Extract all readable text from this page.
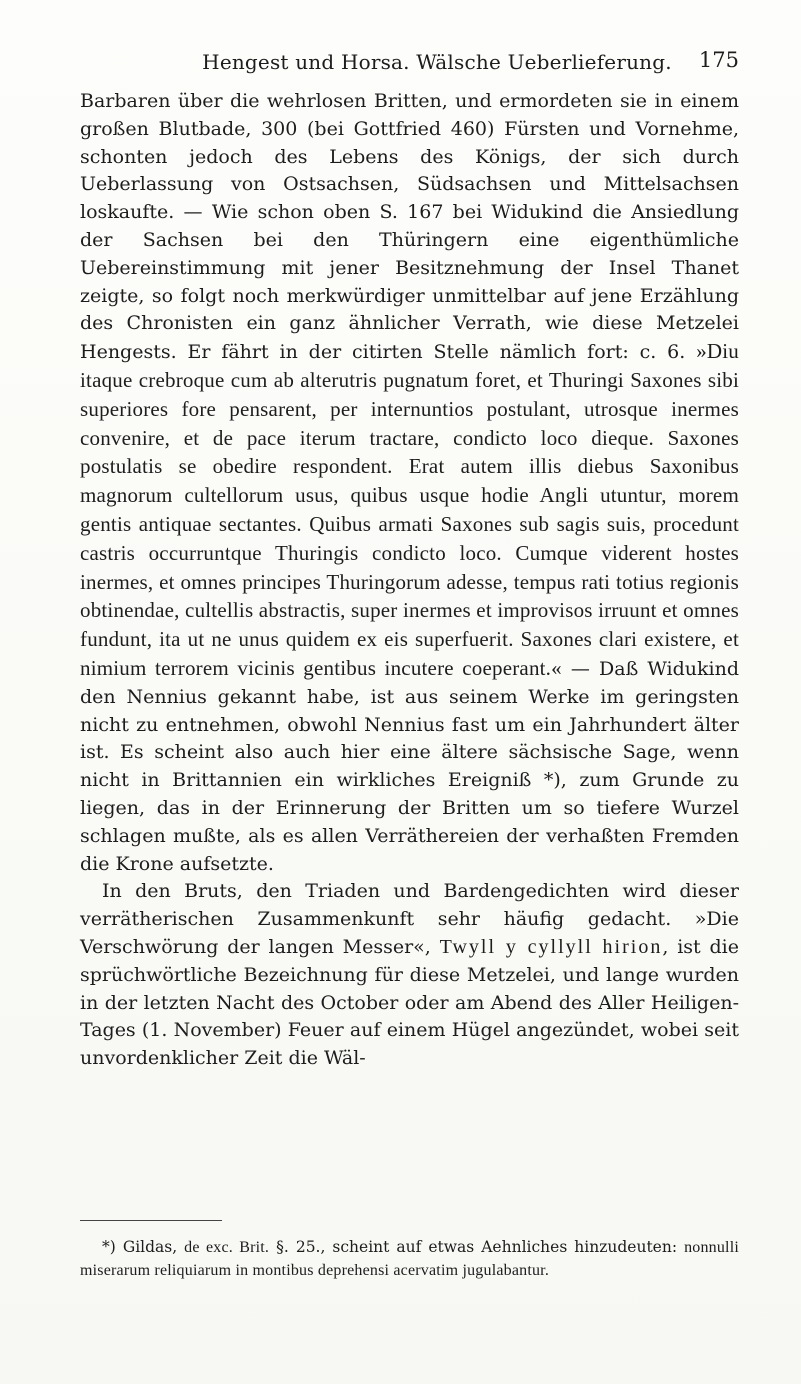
Hengest und Horsa. Wälsche Ueberlieferung.	175

Barbaren über die wehrlosen Britten, und ermordeten sie in einem großen Blutbade, 300 (bei Gottfried 460) Fürsten und Vornehme, schonten jedoch des Lebens des Königs, der sich durch Ueberlassung von Ostsachsen, Südsachsen und Mittelsachsen loskaufte. — Wie schon oben S. 167 bei Widukind die Ansiedlung der Sachsen bei den Thüringern eine eigenthümliche Uebereinstimmung mit jener Besitznehmung der Insel Thanet zeigte, so folgt noch merkwürdiger unmittelbar auf jene Erzählung des Chronisten ein ganz ähnlicher Verrath, wie diese Metzelei Hengests. Er fährt in der citirten Stelle nämlich fort: c. 6. »Diu itaque crebroque cum ab alterutris pugnatum foret, et Thuringi Saxones sibi superiores fore pensarent, per internuntios postulant, utrosque inermes convenire, et de pace iterum tractare, condicto loco dieque. Saxones postulatis se obedire respondent. Erat autem illis diebus Saxonibus magnorum cultellorum usus, quibus usque hodie Angli utuntur, morem gentis antiquae sectantes. Quibus armati Saxones sub sagis suis, procedunt castris occurruntque Thuringis condicto loco. Cumque viderent hostes inermes, et omnes principes Thuringorum adesse, tempus rati totius regionis obtinendae, cultellis abstractis, super inermes et improvisos irruunt et omnes fundunt, ita ut ne unus quidem ex eis superfuerit. Saxones clari existere, et nimium terrorem vicinis gentibus incutere coeperant.« — Daß Widukind den Nennius gekannt habe, ist aus seinem Werke im geringsten nicht zu entnehmen, obwohl Nennius fast um ein Jahrhundert älter ist. Es scheint also auch hier eine ältere sächsische Sage, wenn nicht in Brittannien ein wirkliches Ereigniß *), zum Grunde zu liegen, das in der Erinnerung der Britten um so tiefere Wurzel schlagen mußte, als es allen Verräthereien der verhaßten Fremden die Krone aufsetzte.

In den Bruts, den Triaden und Bardengedichten wird dieser verrätherischen Zusammenkunft sehr häufig gedacht. »Die Verschwörung der langen Messer«, Twyll y cyllyll hirion, ist die sprüchwörtliche Bezeichnung für diese Metzelei, und lange wurden in der letzten Nacht des October oder am Abend des Aller Heiligen-Tages (1. November) Feuer auf einem Hügel angezündet, wobei seit unvordenklicher Zeit die Wäl-

*) Gildas, de exc. Brit. §. 25., scheint auf etwas Aehnliches hinzudeuten: nonnulli miserarum reliquiarum in montibus deprehensi acervatim jugulabantur.
